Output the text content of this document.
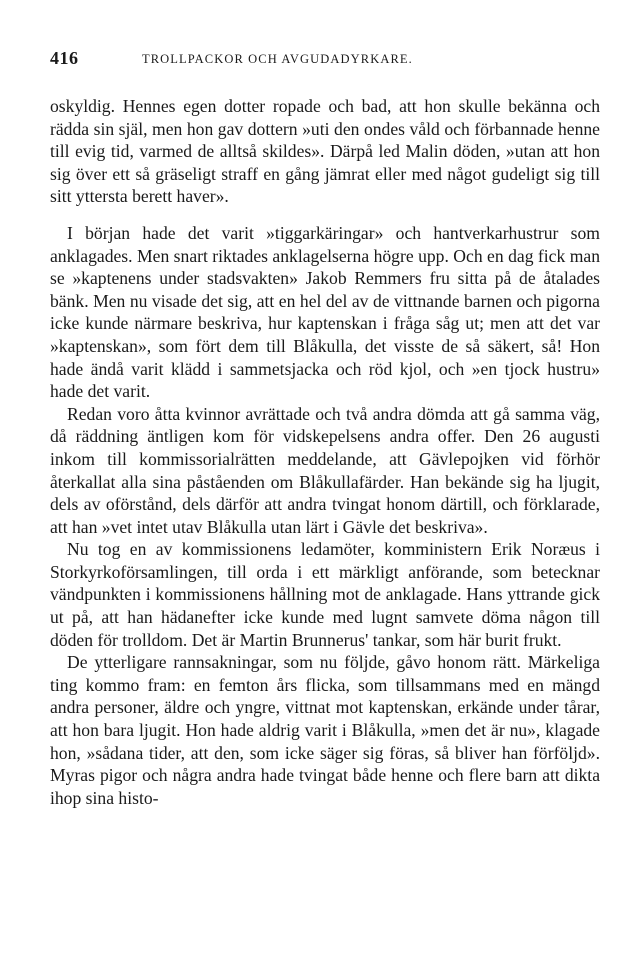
416	TROLLPACKOR OCH AVGUDADYRKARE.

oskyldig. Hennes egen dotter ropade och bad, att hon skulle bekänna och rädda sin själ, men hon gav dottern »uti den ondes våld och förbannade henne till evig tid, varmed de alltså skildes». Därpå led Malin döden, »utan att hon sig över ett så gräseligt straff en gång jämrat eller med något gudeligt sig till sitt yttersta berett haver».

I början hade det varit »tiggarkäringar» och hantverkarhustrur som anklagades. Men snart riktades anklagelserna högre upp. Och en dag fick man se »kaptenens under stadsvakten» Jakob Remmers fru sitta på de åtalades bänk. Men nu visade det sig, att en hel del av de vittnande barnen och pigorna icke kunde närmare beskriva, hur kaptenskan i fråga såg ut; men att det var »kaptenskan», som fört dem till Blåkulla, det visste de så säkert, så! Hon hade ändå varit klädd i sammetsjacka och röd kjol, och »en tjock hustru» hade det varit.

Redan voro åtta kvinnor avrättade och två andra dömda att gå samma väg, då räddning äntligen kom för vidskepelsens andra offer. Den 26 augusti inkom till kommissorialrätten meddelande, att Gävlepojken vid förhör återkallat alla sina påståenden om Blåkullafärder. Han bekände sig ha ljugit, dels av oförstånd, dels därför att andra tvingat honom därtill, och förklarade, att han »vet intet utav Blåkulla utan lärt i Gävle det beskriva».

Nu tog en av kommissionens ledamöter, komministern Erik Noræus i Storkyrkoförsamlingen, till orda i ett märkligt anförande, som betecknar vändpunkten i kommissionens hållning mot de anklagade. Hans yttrande gick ut på, att han hädanefter icke kunde med lugnt samvete döma någon till döden för trolldom. Det är Martin Brunnerus' tankar, som här burit frukt.

De ytterligare rannsakningar, som nu följde, gåvo honom rätt. Märkeliga ting kommo fram: en femton års flicka, som tillsammans med en mängd andra personer, äldre och yngre, vittnat mot kaptenskan, erkände under tårar, att hon bara ljugit. Hon hade aldrig varit i Blåkulla, »men det är nu», klagade hon, »sådana tider, att den, som icke säger sig föras, så bliver han förföljd». Myras pigor och några andra hade tvingat både henne och flere barn att dikta ihop sina histo-
